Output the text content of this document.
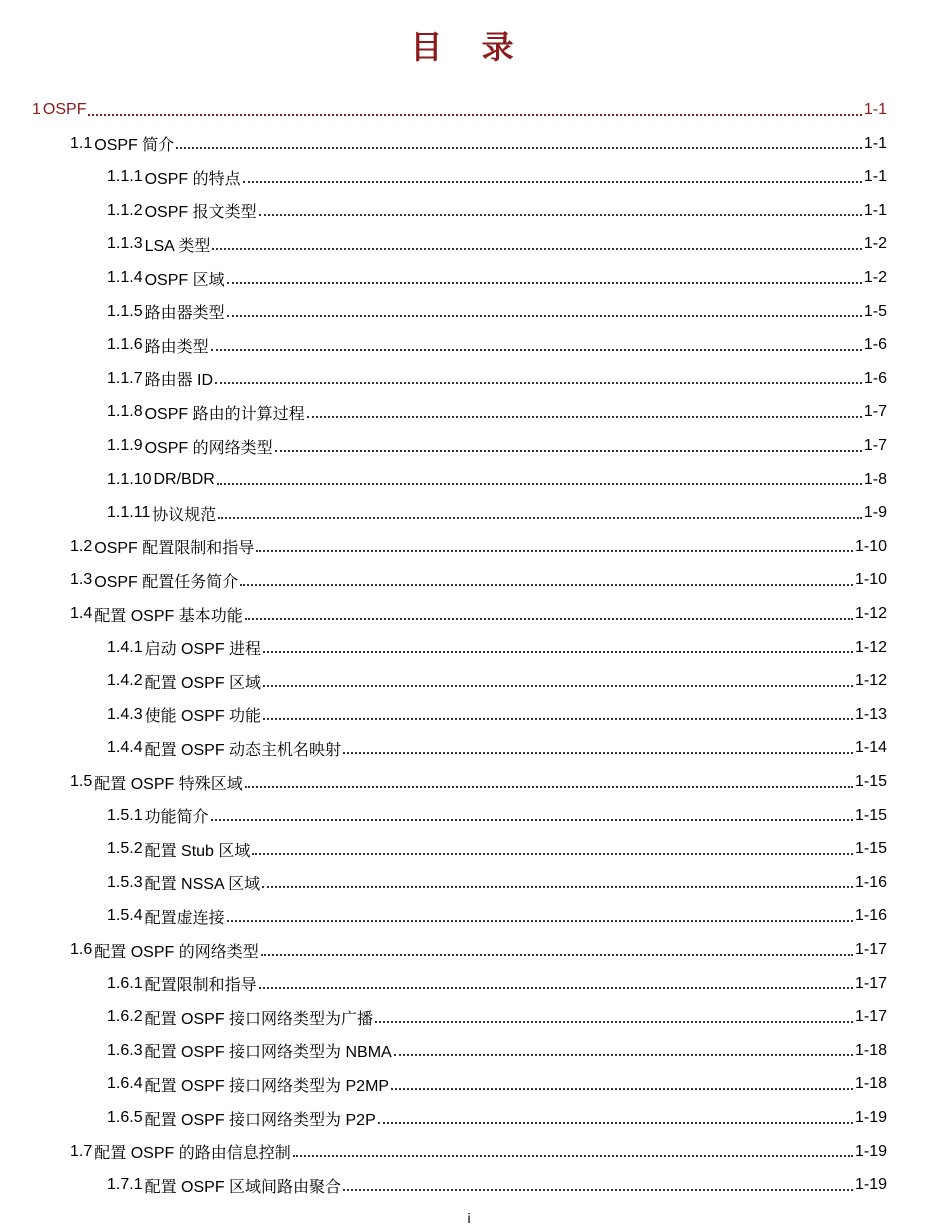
目 录
1 OSPF	1-1
1.1 OSPF 简介	1-1
1.1.1 OSPF 的特点	1-1
1.1.2 OSPF 报文类型	1-1
1.1.3 LSA 类型	1-2
1.1.4 OSPF 区域	1-2
1.1.5 路由器类型	1-5
1.1.6 路由类型	1-6
1.1.7 路由器 ID	1-6
1.1.8 OSPF 路由的计算过程	1-7
1.1.9 OSPF 的网络类型	1-7
1.1.10 DR/BDR	1-8
1.1.11 协议规范	1-9
1.2 OSPF 配置限制和指导	1-10
1.3 OSPF 配置任务简介	1-10
1.4 配置 OSPF 基本功能	1-12
1.4.1 启动 OSPF 进程	1-12
1.4.2 配置 OSPF 区域	1-12
1.4.3 使能 OSPF 功能	1-13
1.4.4 配置 OSPF 动态主机名映射	1-14
1.5 配置 OSPF 特殊区域	1-15
1.5.1 功能简介	1-15
1.5.2 配置 Stub 区域	1-15
1.5.3 配置 NSSA 区域	1-16
1.5.4 配置虚连接	1-16
1.6 配置 OSPF 的网络类型	1-17
1.6.1 配置限制和指导	1-17
1.6.2 配置 OSPF 接口网络类型为广播	1-17
1.6.3 配置 OSPF 接口网络类型为 NBMA	1-18
1.6.4 配置 OSPF 接口网络类型为 P2MP	1-18
1.6.5 配置 OSPF 接口网络类型为 P2P	1-19
1.7 配置 OSPF 的路由信息控制	1-19
1.7.1 配置 OSPF 区域间路由聚合	1-19
i
